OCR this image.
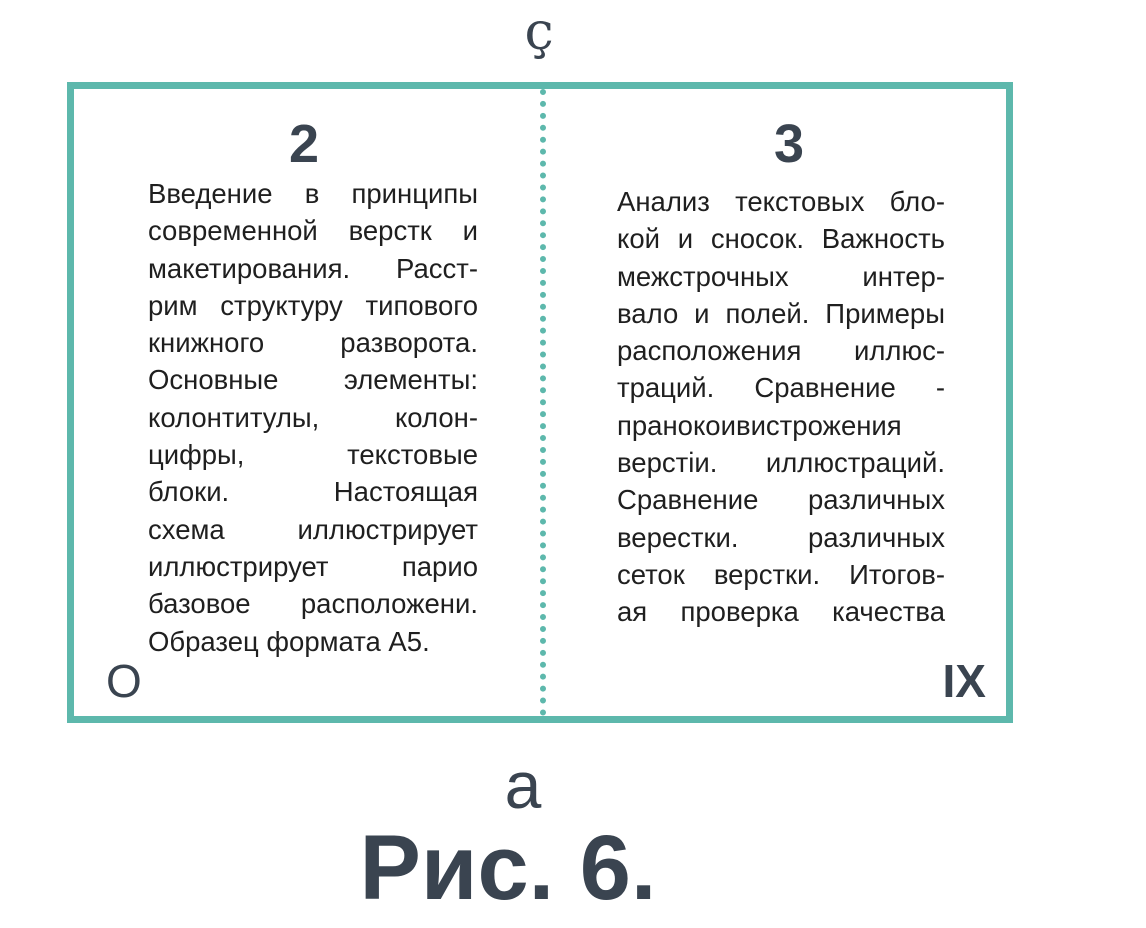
ç
2
Введение в принципы
современной верстк и
макетирования. Расст-
рим структуру типового
книжного разворота.
Основные элементы:
колонтитулы, колон-
цифры, текстовые
блоки. Настоящая
схема иллюстрирует
иллюстрирует парио
базовое расположени.
Образец формата А5.
O
3
Анализ текстовых бло-
кой и сносок. Важность
межстрочных интер-
вало и полей. Примеры
расположения иллюс-
траций. Сравнение -
пранокоивистрожения
верстіи. иллюстраций.
Сравнение различных
верестки. различных
сеток верстки. Итогов-
ая проверка качества
IX
a
Рис. 6.
